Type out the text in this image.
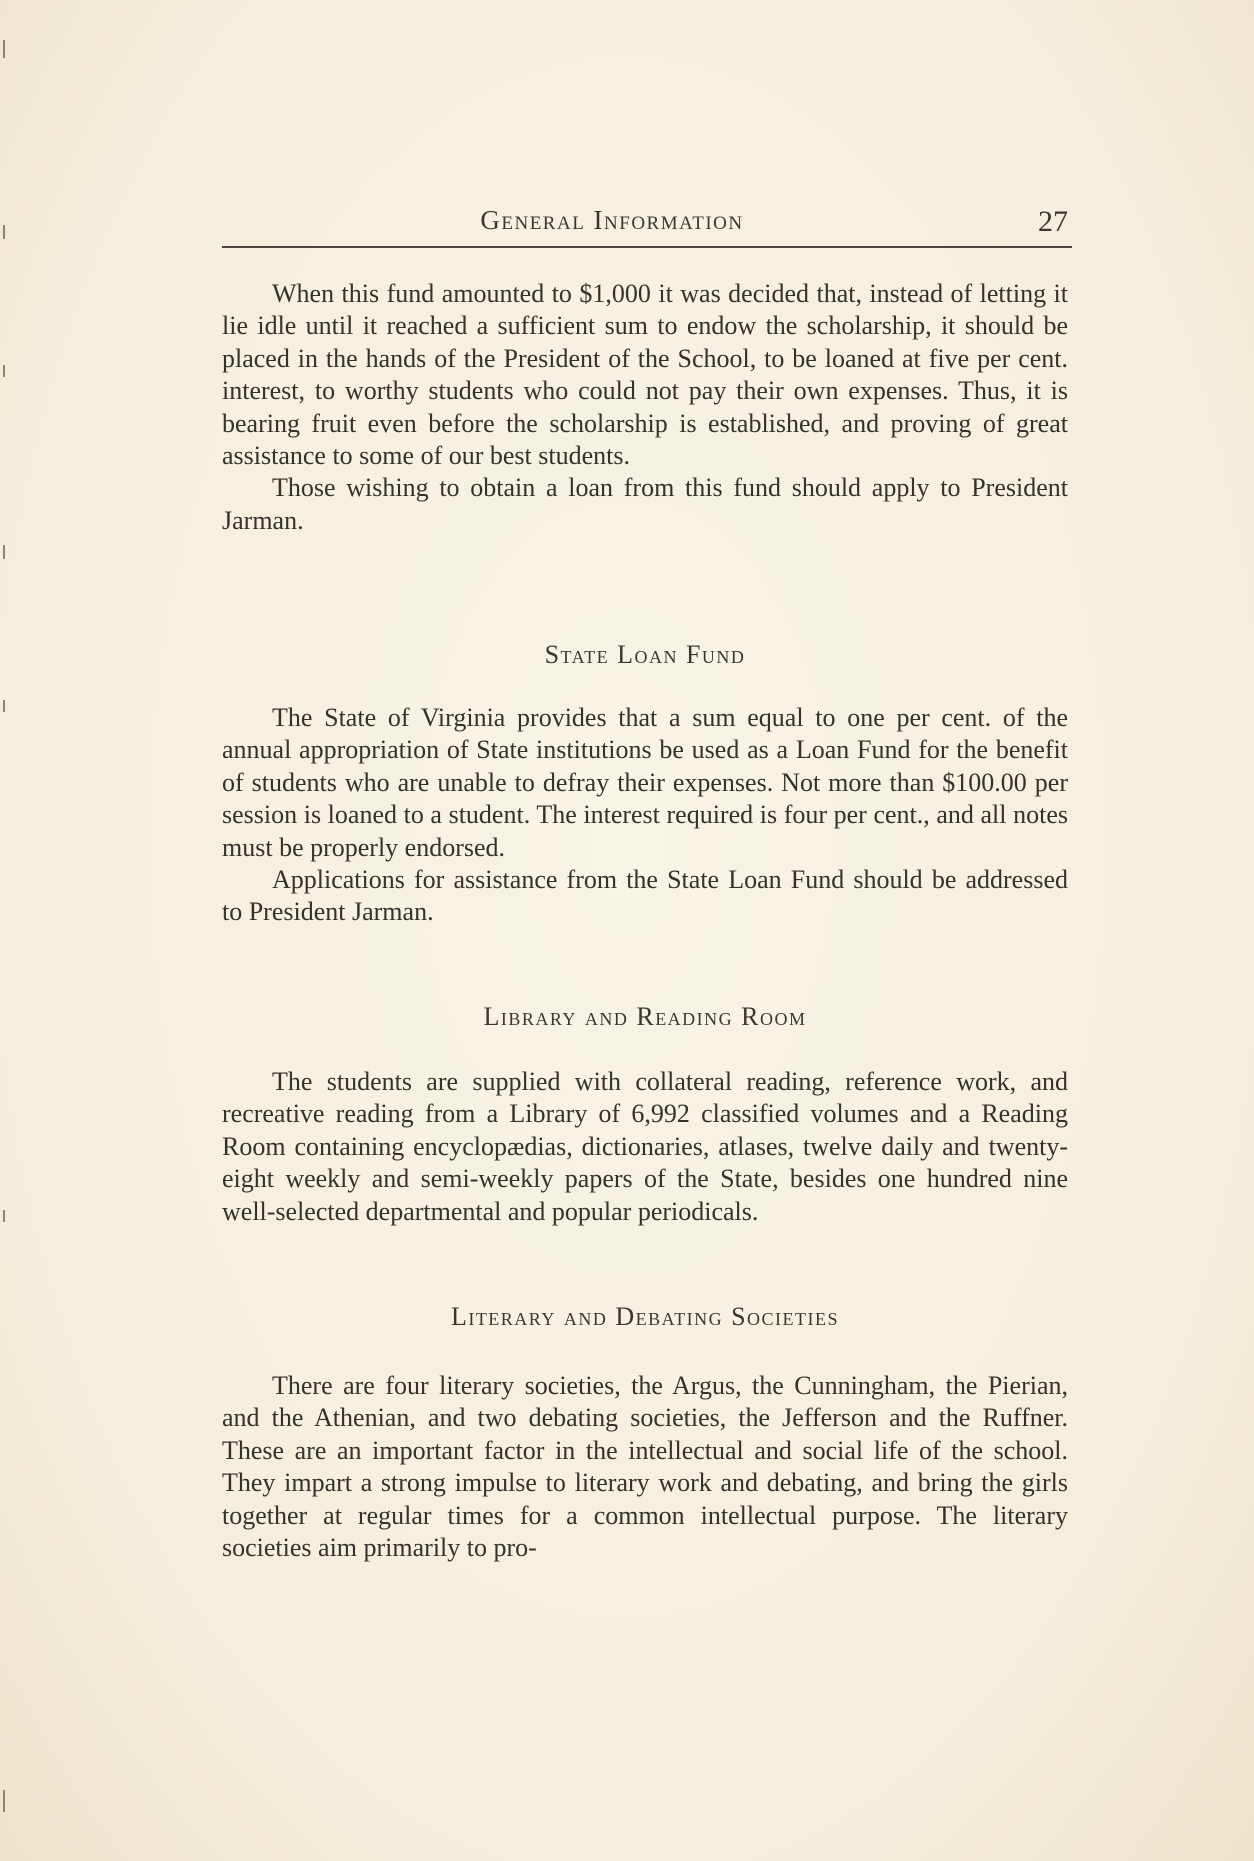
General Information	27

When this fund amounted to $1,000 it was decided that, instead of letting it lie idle until it reached a sufficient sum to endow the scholarship, it should be placed in the hands of the President of the School, to be loaned at five per cent. interest, to worthy students who could not pay their own expenses. Thus, it is bearing fruit even before the scholarship is established, and proving of great assistance to some of our best students.

Those wishing to obtain a loan from this fund should apply to President Jarman.

State Loan Fund

The State of Virginia provides that a sum equal to one per cent. of the annual appropriation of State institutions be used as a Loan Fund for the benefit of students who are unable to defray their expenses. Not more than $100.00 per session is loaned to a student. The interest required is four per cent., and all notes must be properly endorsed.

Applications for assistance from the State Loan Fund should be addressed to President Jarman.

Library and Reading Room

The students are supplied with collateral reading, reference work, and recreative reading from a Library of 6,992 classified volumes and a Reading Room containing encyclopædias, dictionaries, atlases, twelve daily and twenty-eight weekly and semi-weekly papers of the State, besides one hundred nine well-selected departmental and popular periodicals.

Literary and Debating Societies

There are four literary societies, the Argus, the Cunningham, the Pierian, and the Athenian, and two debating societies, the Jefferson and the Ruffner. These are an important factor in the intellectual and social life of the school. They impart a strong impulse to literary work and debating, and bring the girls together at regular times for a common intellectual purpose. The literary societies aim primarily to pro-
